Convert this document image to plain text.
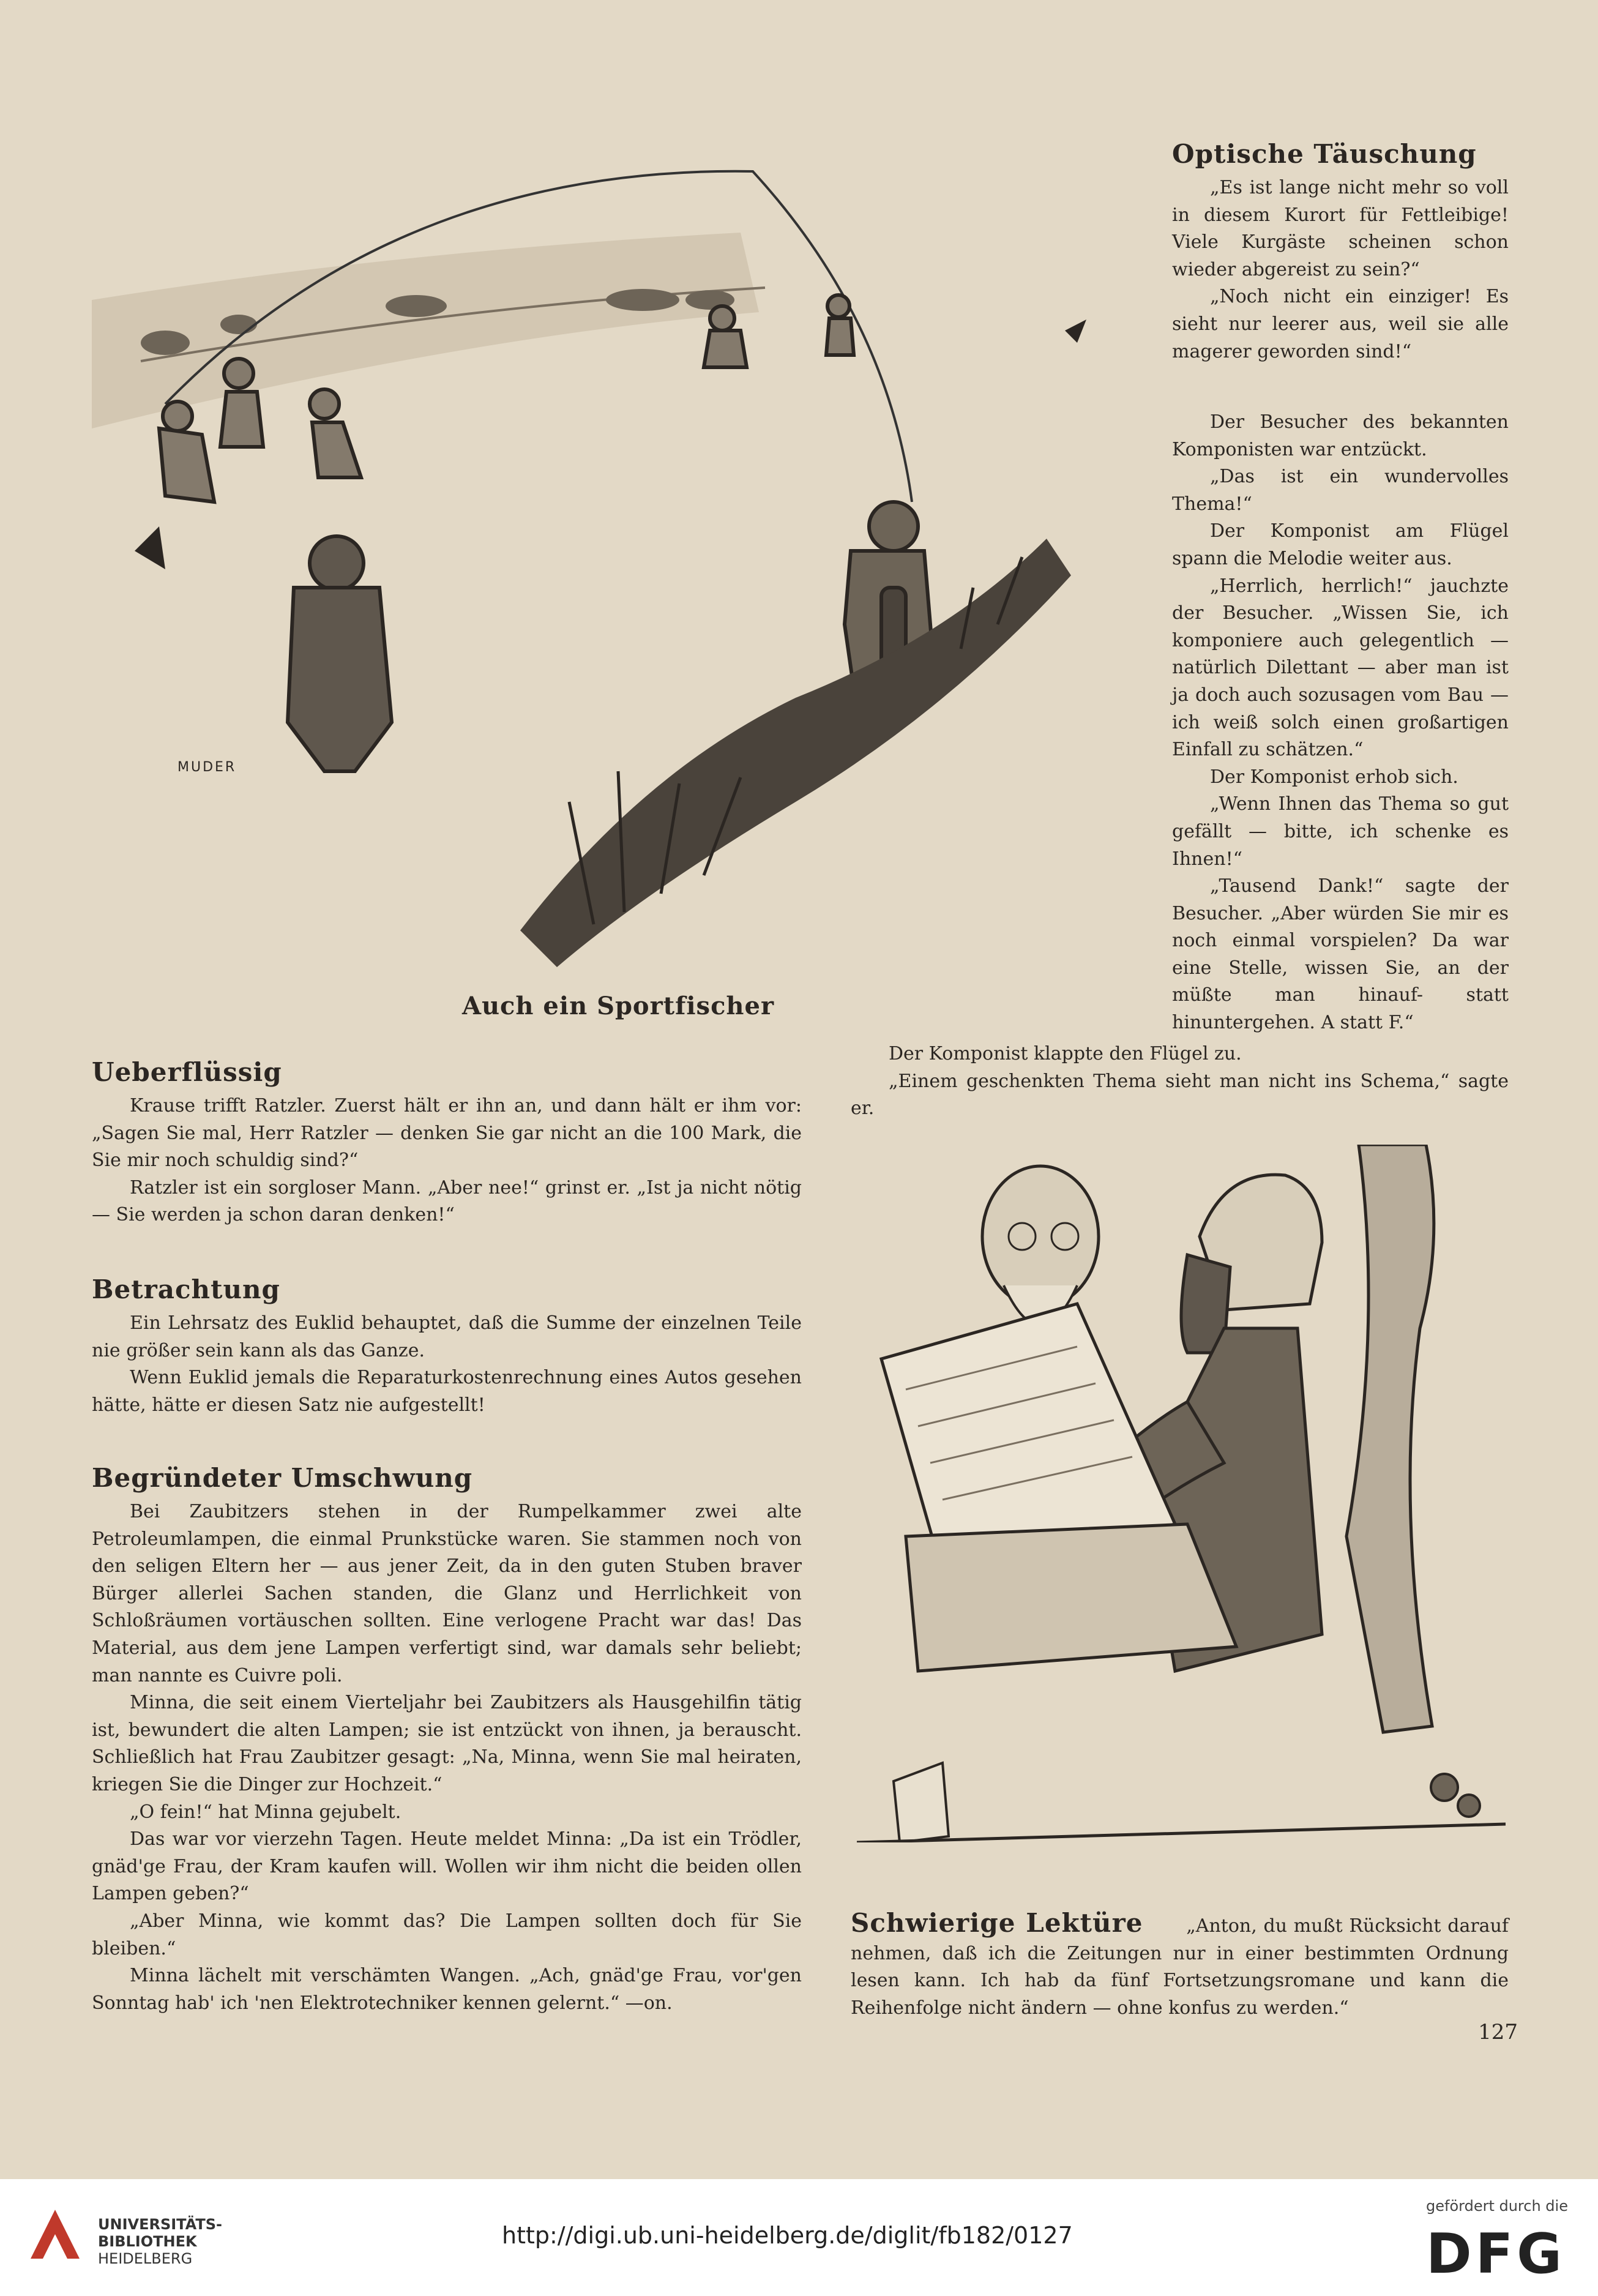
MUDER
Auch ein Sportfischer
Optische Täuschung

„Es ist lange nicht mehr so voll in diesem Kurort für Fettleibige! Viele Kurgäste scheinen schon wieder abgereist zu sein?“

„Noch nicht ein einziger! Es sieht nur leerer aus, weil sie alle magerer geworden sind!“

Der Besucher des bekannten Komponisten war entzückt.

„Das ist ein wundervolles Thema!“

Der Komponist am Flügel spann die Melodie weiter aus.

„Herrlich, herrlich!“ jauchzte der Besucher. „Wissen Sie, ich komponiere auch gelegentlich — natürlich Dilettant — aber man ist ja doch auch sozusagen vom Bau — ich weiß solch einen großartigen Einfall zu schätzen.“

Der Komponist erhob sich.

„Wenn Ihnen das Thema so gut gefällt — bitte, ich schenke es Ihnen!“

„Tausend Dank!“ sagte der Besucher. „Aber würden Sie mir es noch einmal vorspielen? Da war eine Stelle, wissen Sie, an der müßte man hinauf- statt hinuntergehen. A statt F.“

Der Komponist klappte den Flügel zu.

„Einem geschenkten Thema sieht man nicht ins Schema,“ sagte er.

Ueberflüssig

Krause trifft Ratzler. Zuerst hält er ihn an, und dann hält er ihm vor: „Sagen Sie mal, Herr Ratzler — denken Sie gar nicht an die 100 Mark, die Sie mir noch schuldig sind?“

Ratzler ist ein sorgloser Mann. „Aber nee!“ grinst er. „Ist ja nicht nötig — Sie werden ja schon daran denken!“

Betrachtung

Ein Lehrsatz des Euklid behauptet, daß die Summe der einzelnen Teile nie größer sein kann als das Ganze.

Wenn Euklid jemals die Reparaturkostenrechnung eines Autos gesehen hätte, hätte er diesen Satz nie aufgestellt!

Begründeter Umschwung

Bei Zaubitzers stehen in der Rumpelkammer zwei alte Petroleumlampen, die einmal Prunkstücke waren. Sie stammen noch von den seligen Eltern her — aus jener Zeit, da in den guten Stuben braver Bürger allerlei Sachen standen, die Glanz und Herrlichkeit von Schloßräumen vortäuschen sollten. Eine verlogene Pracht war das! Das Material, aus dem jene Lampen verfertigt sind, war damals sehr beliebt; man nannte es Cuivre poli.

Minna, die seit einem Vierteljahr bei Zaubitzers als Hausgehilfin tätig ist, bewundert die alten Lampen; sie ist entzückt von ihnen, ja berauscht. Schließlich hat Frau Zaubitzer gesagt: „Na, Minna, wenn Sie mal heiraten, kriegen Sie die Dinger zur Hochzeit.“

„O fein!“ hat Minna gejubelt.

Das war vor vierzehn Tagen. Heute meldet Minna: „Da ist ein Trödler, gnäd'ge Frau, der Kram kaufen will. Wollen wir ihm nicht die beiden ollen Lampen geben?“

„Aber Minna, wie kommt das? Die Lampen sollten doch für Sie bleiben.“

Minna lächelt mit verschämten Wangen. „Ach, gnäd'ge Frau, vor'gen Sonntag hab' ich 'nen Elektrotechniker kennen gelernt.“ —on.

Schwierige Lektüre „Anton, du mußt Rücksicht darauf nehmen, daß ich die Zeitungen nur in einer bestimmten Ordnung lesen kann. Ich hab da fünf Fortsetzungsromane und kann die Reihenfolge nicht ändern — ohne konfus zu werden.“

127
UNIVERSITÄTS-
BIBLIOTHEK
HEIDELBERG
http://digi.ub.uni-heidelberg.de/diglit/fb182/0127
gefördert durch die
DFG
